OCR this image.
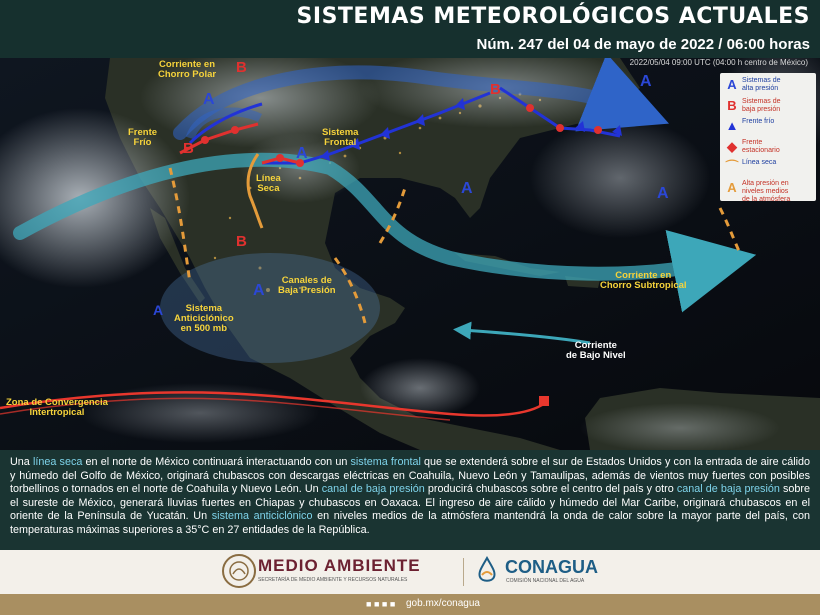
SISTEMAS METEOROLÓGICOS ACTUALES
Núm. 247 del 04 de mayo de 2022 / 06:00 horas
2022/05/04 09:00 UTC (04:00 h centro de México)
A
B
B	A
B	A
A	A
B
A
A
Corriente en
Chorro Polar
Frente
Frío
Sistema
Frontal
Línea
Seca
Canales de
Baja Presión
Sistema
Anticiclónico
en 500 mb
Corriente en
Chorro Subtropical
Corriente
de Bajo Nivel
Zona de Convergencia
Intertropical
A Sistemas de
alta presión
B Sistemas de
baja presión
▲ Frente frío
◆ Frente
estacionario
⌒ Línea seca
A Alta presión en
niveles medios
de la atmósfera

Una línea seca en el norte de México continuará interactuando con un sistema frontal que se extenderá sobre el sur de Estados Unidos y con la entrada de aire cálido y húmedo del Golfo de México, originará chubascos con descargas eléctricas en Coahuila, Nuevo León y Tamaulipas, además de vientos muy fuertes con posibles torbellinos o tornados en el norte de Coahuila y Nuevo León. Un canal de baja presión producirá chubascos sobre el centro del país y otro canal de baja presión sobre el sureste de México, generará lluvias fuertes en Chiapas y chubascos en Oaxaca. El ingreso de aire cálido y húmedo del Mar Caribe, originará chubascos en el oriente de la Península de Yucatán. Un sistema anticiclónico en niveles medios de la atmósfera mantendrá la onda de calor sobre la mayor parte del país, con temperaturas máximas superiores a 35°C en 27 entidades de la República.

MEDIO AMBIENTE
SECRETARÍA DE MEDIO AMBIENTE Y RECURSOS NATURALES
CONAGUA
COMISIÓN NACIONAL DEL AGUA
■ ■ ■ ■ gob.mx/conagua
